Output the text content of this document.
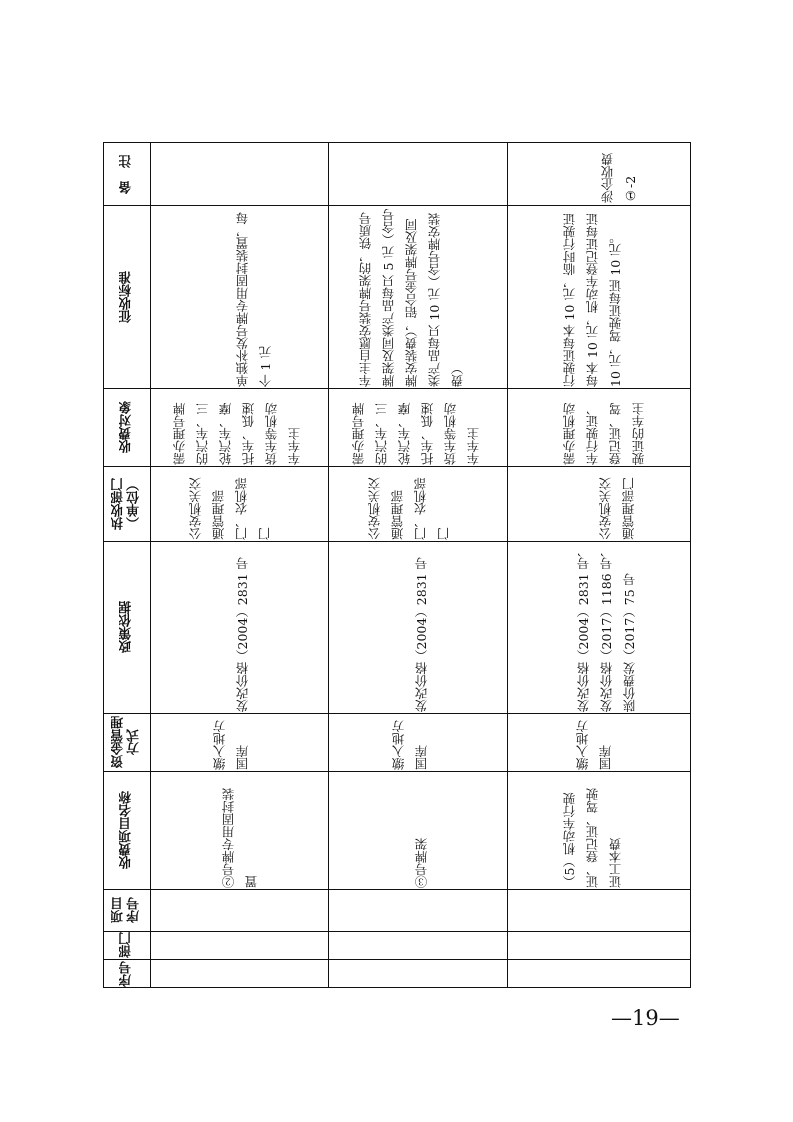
序号
部门
项目
序号
收费项目名称
资金管理
方式
政策依据
执收部门
（单位）
收费对象
征收标准
备　注
②号牌专用固封装
置
缴入地方
国库
发改价格（2004）2831 号
公安机关交
通管理部
门、农机部
门
需办理号牌
的汽车、三
轮汽车、摩
托车、低速
货车等机动
车车主
单独补发号牌专用固封装置，每
个 1 元
③号牌架
缴入地方
国库
发改价格（2004）2831 号
公安机关交
通管理部
门、农机部
门
需办理号牌
的汽车、三
轮汽车、摩
托车、低速
货车等机动
车车主
车主自愿安装号牌架的，铁质号
牌架及同类产品每只 5 元（含号
牌安装费），铝合金号牌架及同
类产品每只 10 元（含号牌安装
费）
（5）机动车行驶
证、登记证、驾驶
证工本费
缴入地方
国库
发改价格（2004）2831 号、
发改价格（2017）1186 号、
陕价费发（2017）75 号
公安机关交
通管理部门
需办理机动
车行驶证、
登记证、驾
驶证的车主
行驶证每本 10 元，临时行驶证
每本 10 元，机动车登记证每证
10 元，驾驶证每证 10 元。
涉企收费
①-2
—19—
